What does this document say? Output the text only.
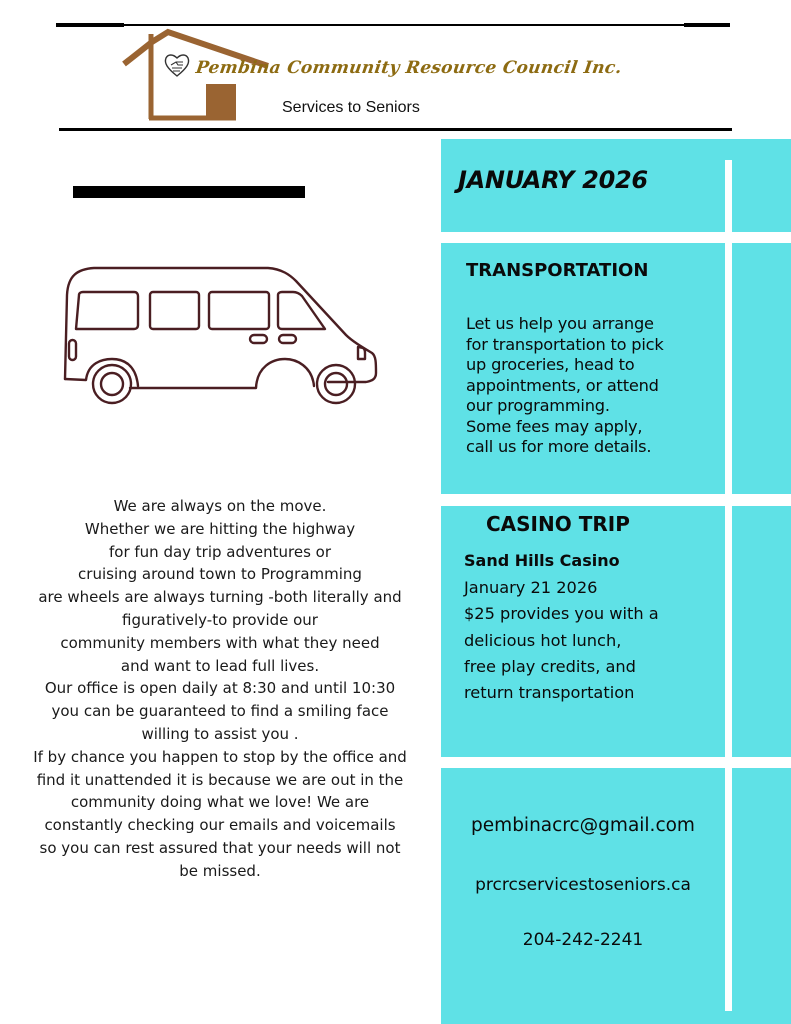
Pembina Community Resource Council Inc.
Services to Seniors
We are always on the move.
Whether we are hitting the highway
for fun day trip adventures or
cruising around town to Programming
are wheels are always turning -both literally and
figuratively-to provide our
community members with what they need
and want to lead full lives.
Our office is open daily at 8:30 and until 10:30
you can be guaranteed to find a smiling face
willing to assist you .
If by chance you happen to stop by the office and
find it unattended it is because we are out in the
community doing what we love! We are
constantly checking our emails and voicemails
so you can rest assured that your needs will not
be missed.
JANUARY 2026
TRANSPORTATION
Let us help you arrange
for transportation to pick
up groceries, head to
appointments, or attend
our programming.
Some fees may apply,
call us for more details.
CASINO TRIP
Sand Hills Casino
January 21 2026
$25 provides you with a
delicious hot lunch,
free play credits, and
return transportation
pembinacrc@gmail.com
prcrcservicestoseniors.ca
204-242-2241
